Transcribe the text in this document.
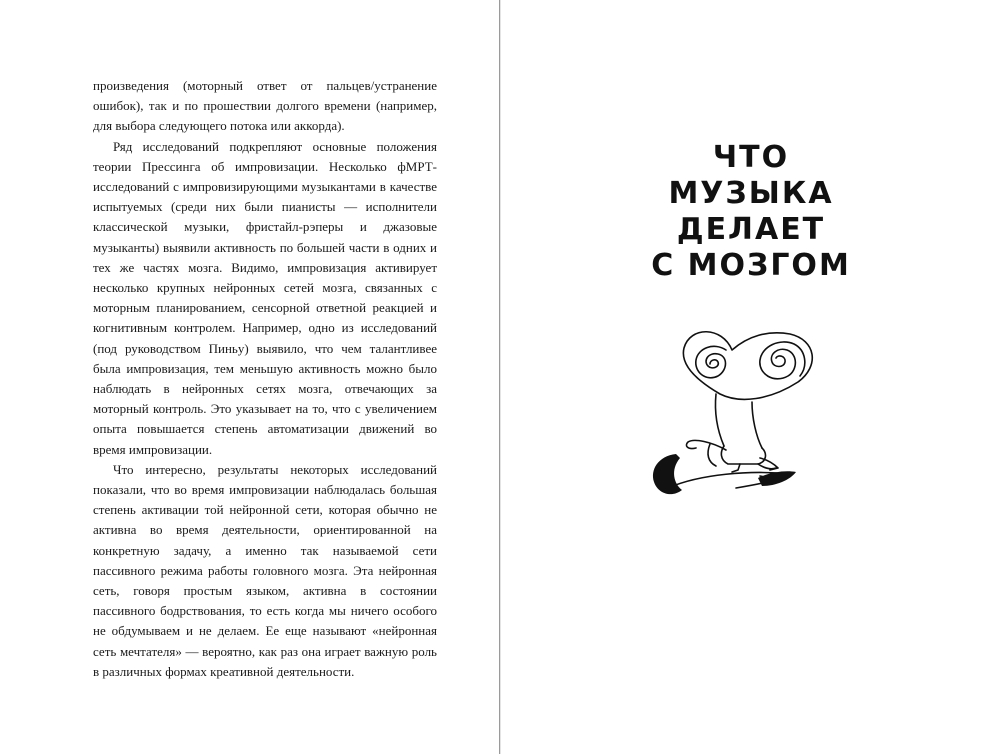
произведения (моторный ответ от пальцев/устранение ошибок), так и по прошествии долгого времени (например, для выбора следующего потока или аккорда).

Ряд исследований подкрепляют основные положения теории Прессинга об импровизации. Несколько фМРТ-исследований с импровизирующими музыкантами в качестве испытуемых (среди них были пианисты — исполнители классической музыки, фристайл-рэперы и джазовые музыканты) выявили активность по большей части в одних и тех же частях мозга. Видимо, импровизация активирует несколько крупных нейронных сетей мозга, связанных с моторным планированием, сенсорной ответной реакцией и когнитивным контролем. Например, одно из исследований (под руководством Пиньу) выявило, что чем талантливее была импровизация, тем меньшую активность можно было наблюдать в нейронных сетях мозга, отвечающих за моторный контроль. Это указывает на то, что с увеличением опыта повышается степень автоматизации движений во время импровизации.

Что интересно, результаты некоторых исследований показали, что во время импровизации наблюдалась большая степень активации той нейронной сети, которая обычно не активна во время деятельности, ориентированной на конкретную задачу, а именно так называемой сети пассивного режима работы головного мозга. Эта нейронная сеть, говоря простым языком, активна в состоянии пассивного бодрствования, то есть когда мы ничего особого не обдумываем и не делаем. Ее еще называют «нейронная сеть мечтателя» — вероятно, как раз она играет важную роль в различных формах креативной деятельности.

ЧТО
МУЗЫКА
ДЕЛАЕТ
С МОЗГОМ
